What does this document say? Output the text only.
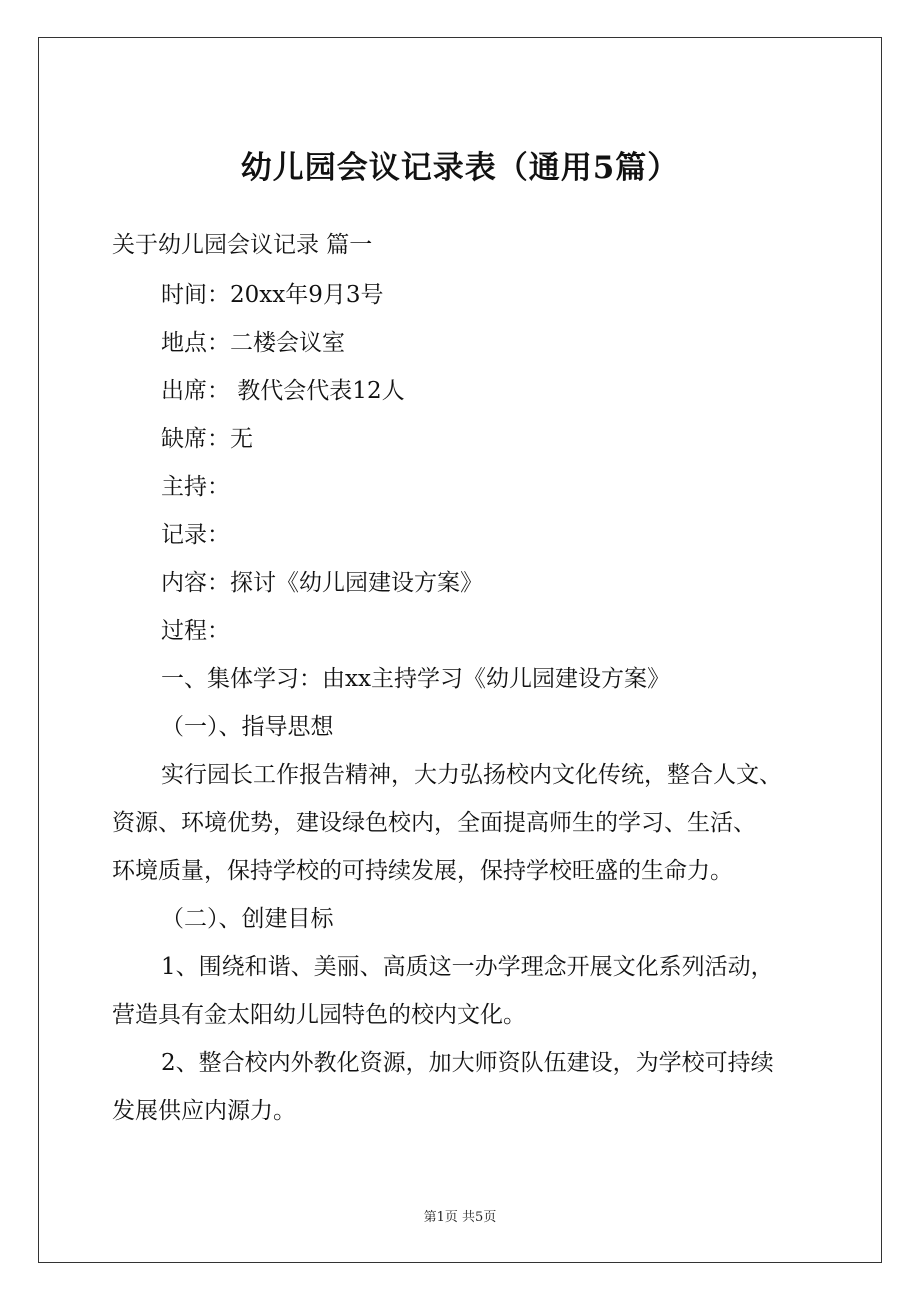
幼儿园会议记录表（通用5篇）
关于幼儿园会议记录 篇一
时间：20xx年9月3号
地点：二楼会议室
出席： 教代会代表12人
缺席：无
主持：
记录：
内容：探讨《幼儿园建设方案》
过程：
一、集体学习：由xx主持学习《幼儿园建设方案》
（一）、指导思想
实行园长工作报告精神，大力弘扬校内文化传统，整合人文、
资源、环境优势，建设绿色校内，全面提高师生的学习、生活、
环境质量，保持学校的可持续发展，保持学校旺盛的生命力。
（二）、创建目标
1、围绕和谐、美丽、高质这一办学理念开展文化系列活动，
营造具有金太阳幼儿园特色的校内文化。
2、整合校内外教化资源，加大师资队伍建设，为学校可持续
发展供应内源力。
第1页 共5页
